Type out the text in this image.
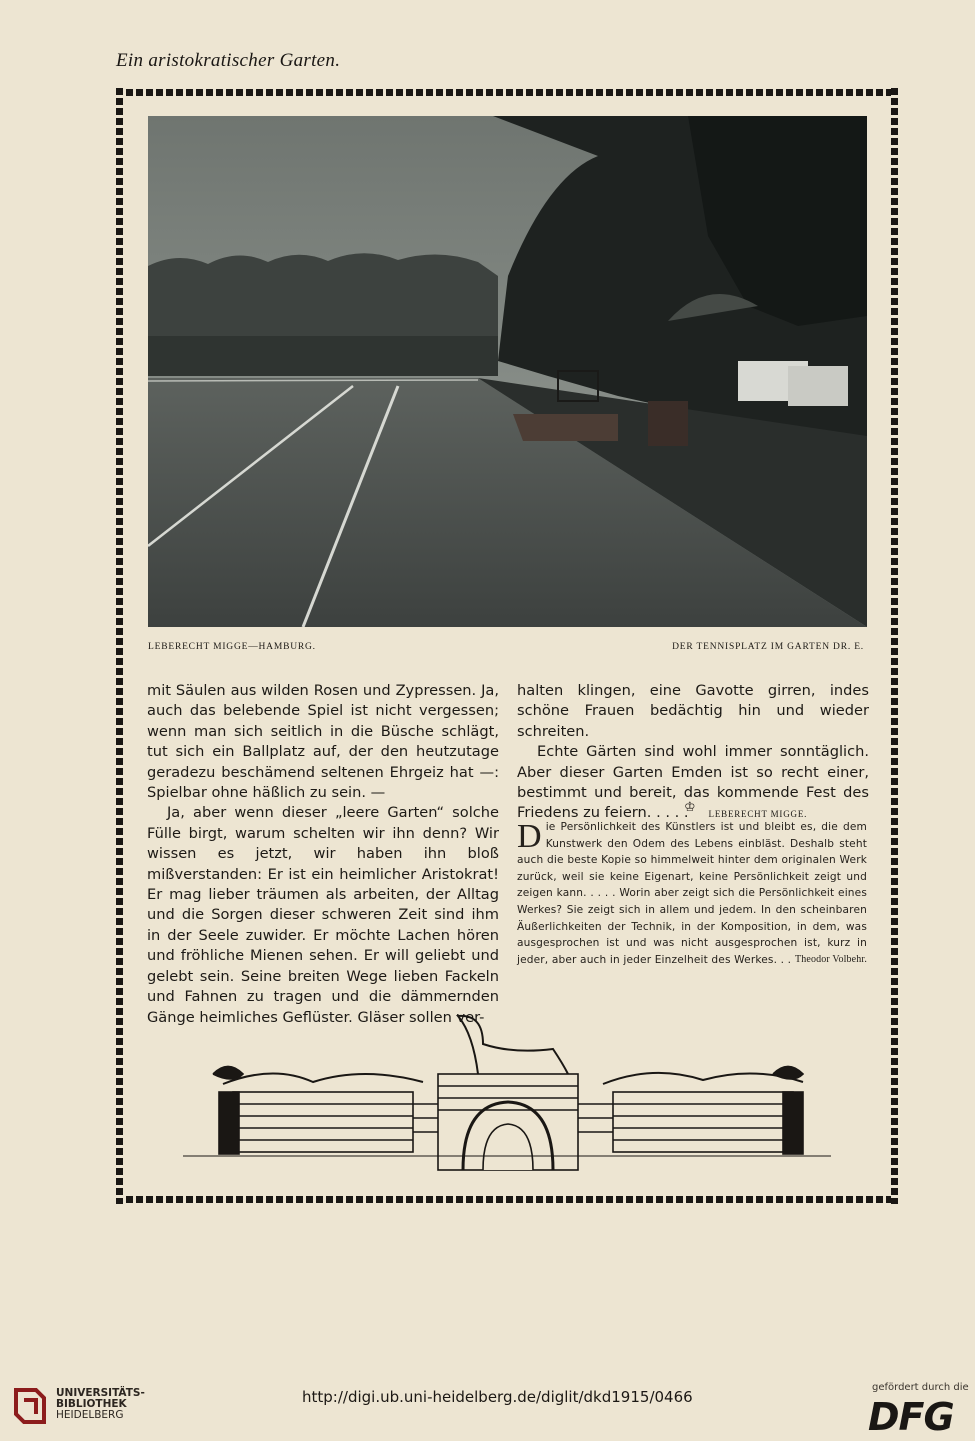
Ein aristokratischer Garten.
LEBERECHT MIGGE—HAMBURG.	DER TENNISPLATZ IM GARTEN DR. E.

mit Säulen aus wilden Rosen und Zypressen. Ja, auch das belebende Spiel ist nicht vergessen; wenn man sich seitlich in die Büsche schlägt, tut sich ein Ballplatz auf, der den heutzutage geradezu beschämend seltenen Ehrgeiz hat —: Spielbar ohne häßlich zu sein. —

Ja, aber wenn dieser „leere Garten“ solche Fülle birgt, warum schelten wir ihn denn? Wir wissen es jetzt, wir haben ihn bloß mißverstanden: Er ist ein heimlicher Aristokrat! Er mag lieber träumen als arbeiten, der Alltag und die Sorgen dieser schweren Zeit sind ihm in der Seele zuwider. Er möchte Lachen hören und fröhliche Mienen sehen. Er will geliebt und gelebt sein. Seine breiten Wege lieben Fackeln und Fahnen zu tragen und die dämmernden Gänge heimliches Geflüster. Gläser sollen ver-

halten klingen, eine Gavotte girren, indes schöne Frauen bedächtig hin und wieder schreiten.

Echte Gärten sind wohl immer sonntäglich. Aber dieser Garten Emden ist so recht einer, bestimmt und bereit, das kommende Fest des Friedens zu feiern. . . . . LEBERECHT MIGGE.

♔
Die Persönlichkeit des Künstlers ist und bleibt es, die dem Kunstwerk den Odem des Lebens einbläst. Deshalb steht auch die beste Kopie so himmelweit hinter dem originalen Werk zurück, weil sie keine Eigenart, keine Persönlichkeit zeigt und zeigen kann. . . . . Worin aber zeigt sich die Persönlichkeit eines Werkes? Sie zeigt sich in allem und jedem. In den scheinbaren Äußerlichkeiten der Technik, in der Komposition, in dem, was ausgesprochen ist und was nicht ausgesprochen ist, kurz in jeder, aber auch in jeder Einzelheit des Werkes. . . Theodor Volbehr.
UNIVERSITÄTS-
BIBLIOTHEK
HEIDELBERG
http://digi.ub.uni-heidelberg.de/diglit/dkd1915/0466
gefördert durch die
DFG
